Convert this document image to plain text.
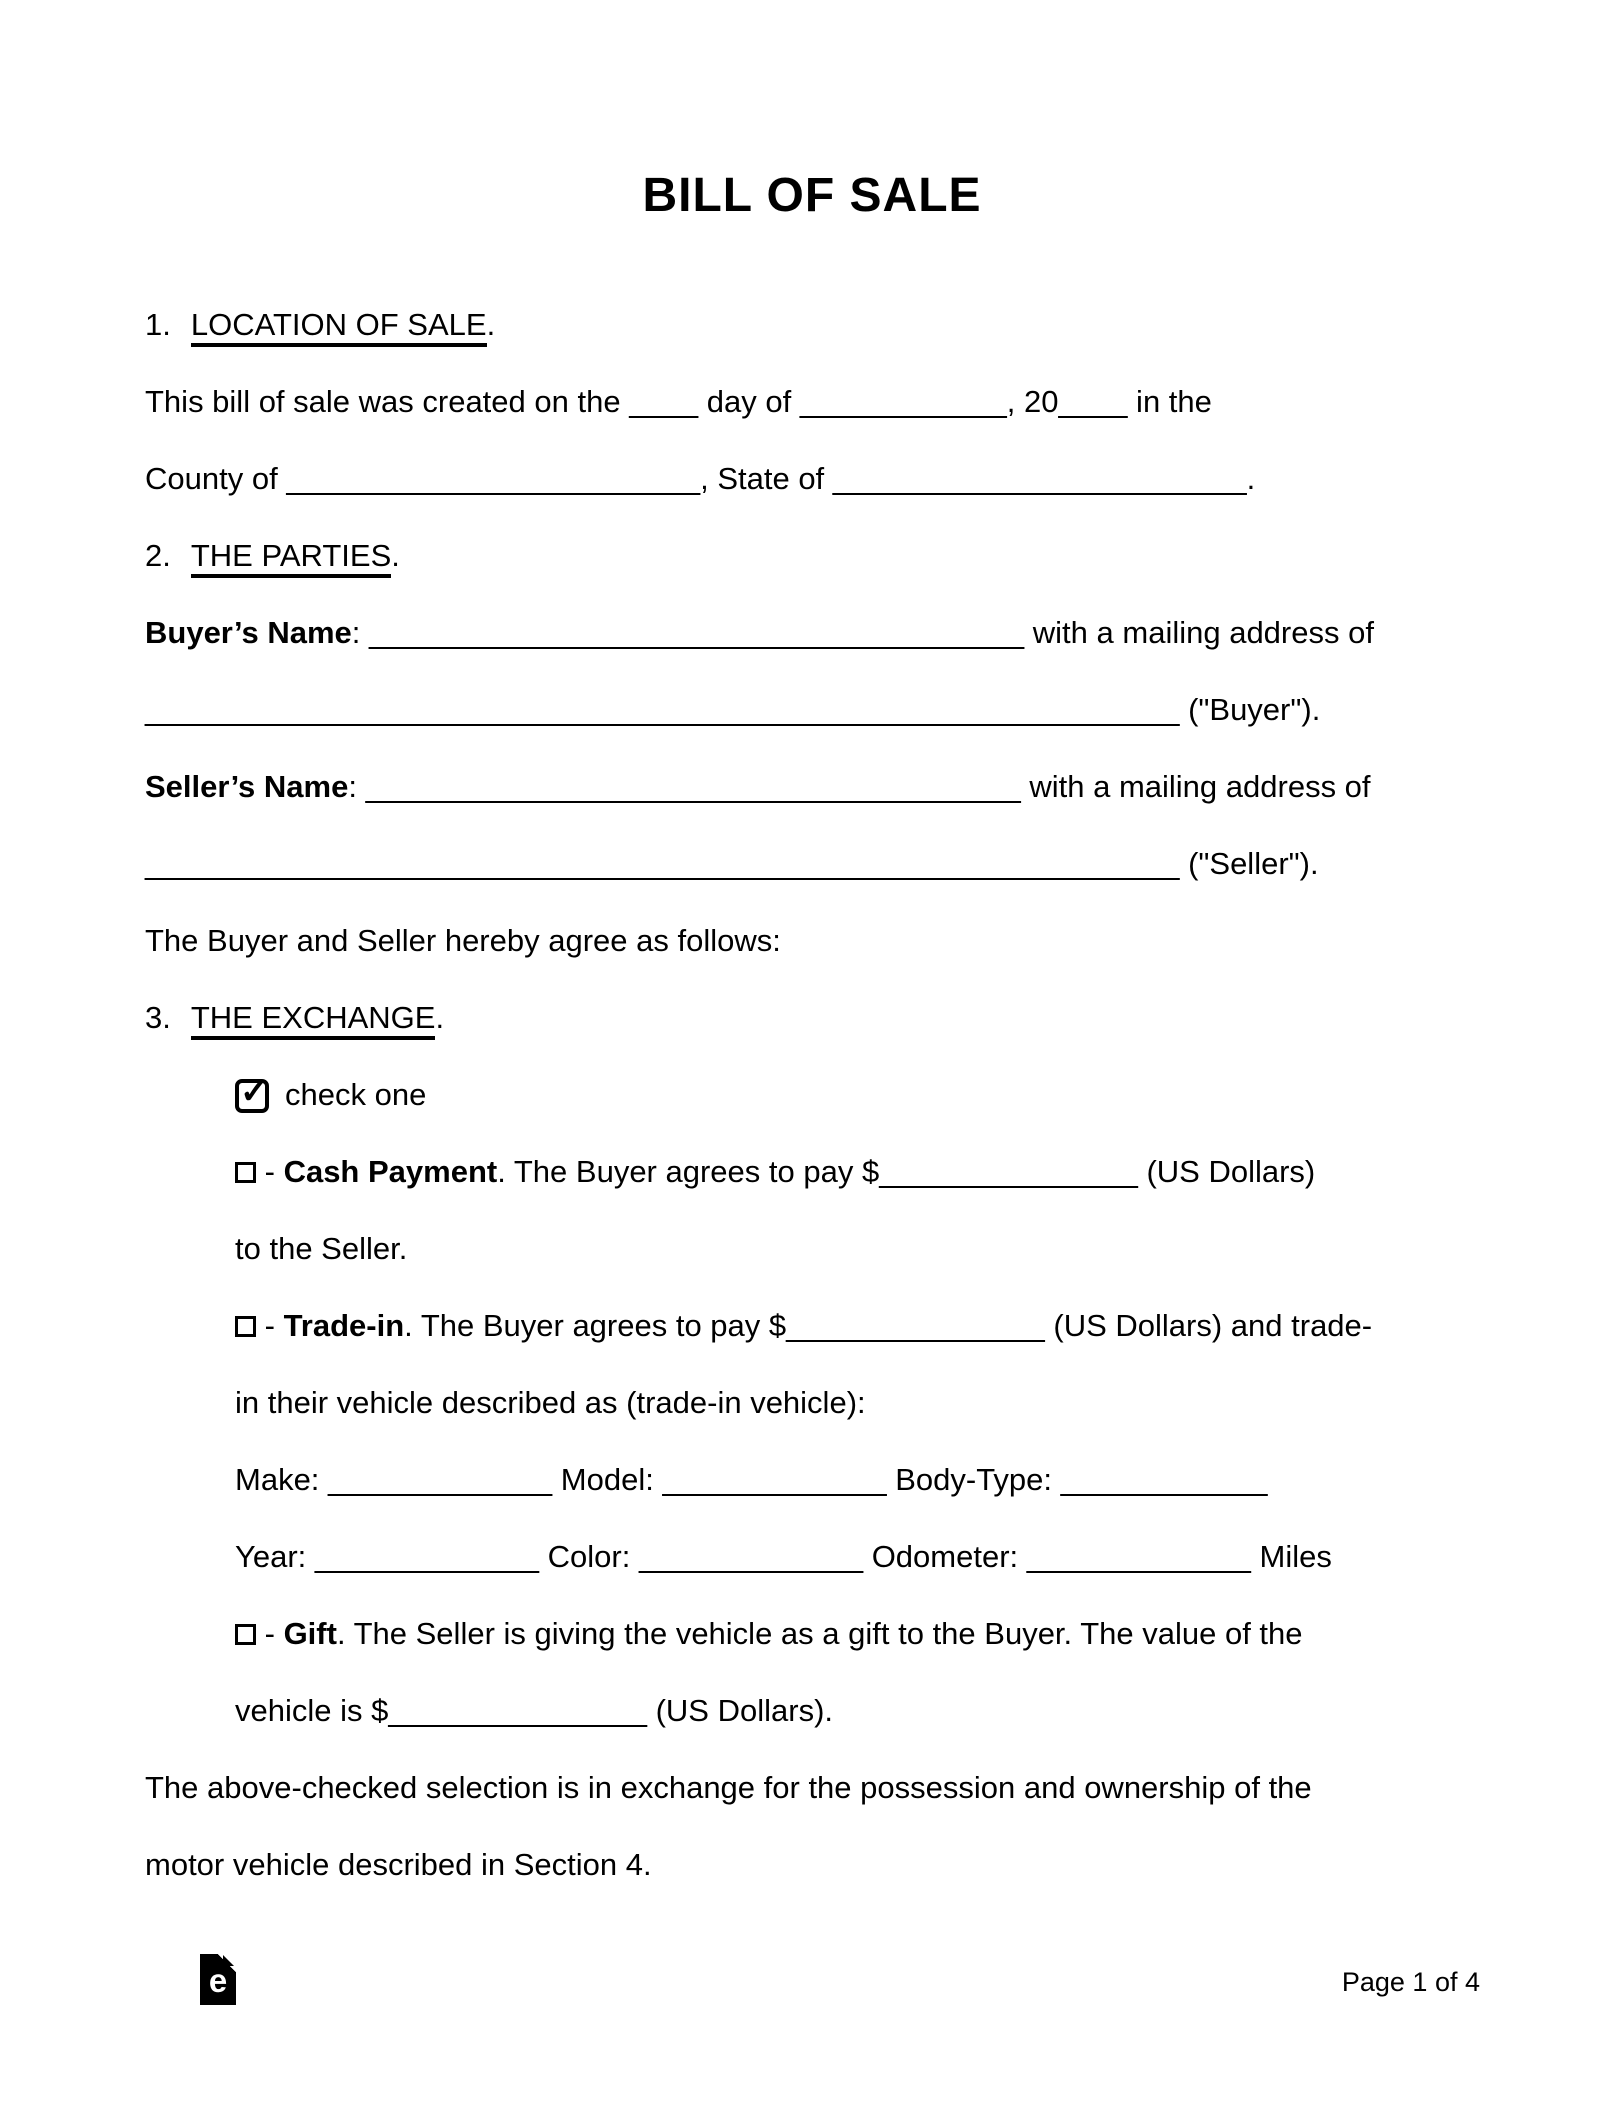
BILL OF SALE

1. LOCATION OF SALE.

This bill of sale was created on the ____ day of ____________, 20____ in the

County of ________________________, State of ________________________.

2. THE PARTIES.

Buyer’s Name: ______________________________________ with a mailing address of

____________________________________________________________ ("Buyer").

Seller’s Name: ______________________________________ with a mailing address of

____________________________________________________________ ("Seller").

The Buyer and Seller hereby agree as follows:

3. THE EXCHANGE.

✓ check one

- Cash Payment. The Buyer agrees to pay $_______________ (US Dollars)

to the Seller.

- Trade-in. The Buyer agrees to pay $_______________ (US Dollars) and trade-

in their vehicle described as (trade-in vehicle):

Make: _____________ Model: _____________ Body-Type: ____________

Year: _____________ Color: _____________ Odometer: _____________ Miles

- Gift. The Seller is giving the vehicle as a gift to the Buyer. The value of the

vehicle is $_______________ (US Dollars).

The above-checked selection is in exchange for the possession and ownership of the

motor vehicle described in Section 4.

e	Page 1 of 4
